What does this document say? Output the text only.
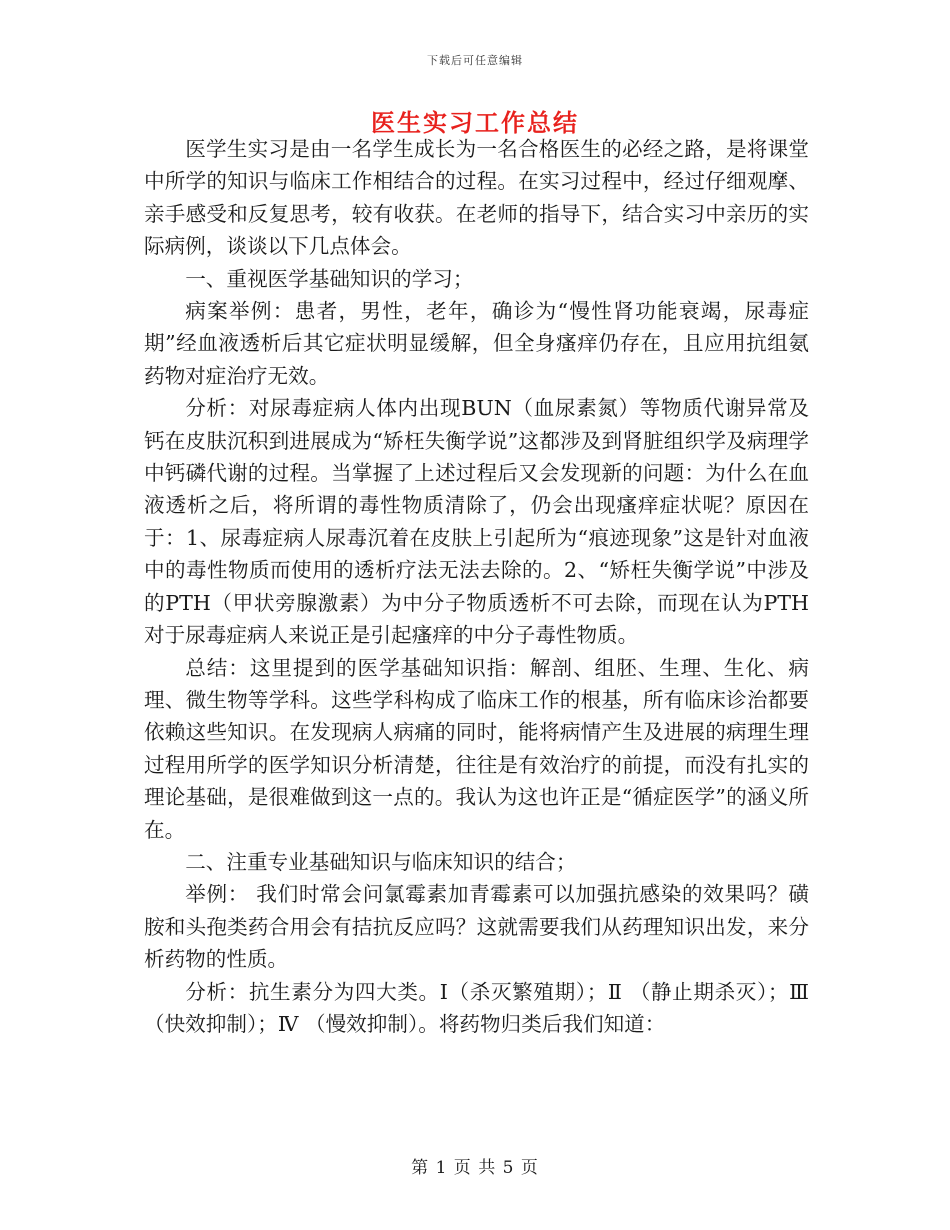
下载后可任意编辑
医生实习工作总结

医学生实习是由一名学生成长为一名合格医生的必经之路，是将课堂中所学的知识与临床工作相结合的过程。在实习过程中，经过仔细观摩、亲手感受和反复思考，较有收获。在老师的指导下，结合实习中亲历的实际病例，谈谈以下几点体会。

一、重视医学基础知识的学习；

病案举例：患者，男性，老年，确诊为“慢性肾功能衰竭，尿毒症期”经血液透析后其它症状明显缓解，但全身瘙痒仍存在，且应用抗组氨药物对症治疗无效。

分析：对尿毒症病人体内出现BUN（血尿素氮）等物质代谢异常及钙在皮肤沉积到进展成为“矫枉失衡学说”这都涉及到肾脏组织学及病理学中钙磷代谢的过程。当掌握了上述过程后又会发现新的问题：为什么在血液透析之后，将所谓的毒性物质清除了，仍会出现瘙痒症状呢？原因在于：1、尿毒症病人尿毒沉着在皮肤上引起所为“痕迹现象”这是针对血液中的毒性物质而使用的透析疗法无法去除的。2、“矫枉失衡学说”中涉及的PTH（甲状旁腺激素）为中分子物质透析不可去除，而现在认为PTH对于尿毒症病人来说正是引起瘙痒的中分子毒性物质。

总结：这里提到的医学基础知识指：解剖、组胚、生理、生化、病理、微生物等学科。这些学科构成了临床工作的根基，所有临床诊治都要依赖这些知识。在发现病人病痛的同时，能将病情产生及进展的病理生理过程用所学的医学知识分析清楚，往往是有效治疗的前提，而没有扎实的理论基础，是很难做到这一点的。我认为这也许正是“循症医学”的涵义所在。

二、注重专业基础知识与临床知识的结合；

举例： 我们时常会问氯霉素加青霉素可以加强抗感染的效果吗？磺胺和头孢类药合用会有拮抗反应吗？这就需要我们从药理知识出发，来分析药物的性质。

分析：抗生素分为四大类。Ⅰ（杀灭繁殖期）；Ⅱ （静止期杀灭）；Ⅲ （快效抑制）；Ⅳ （慢效抑制）。将药物归类后我们知道：

第 1 页 共 5 页
